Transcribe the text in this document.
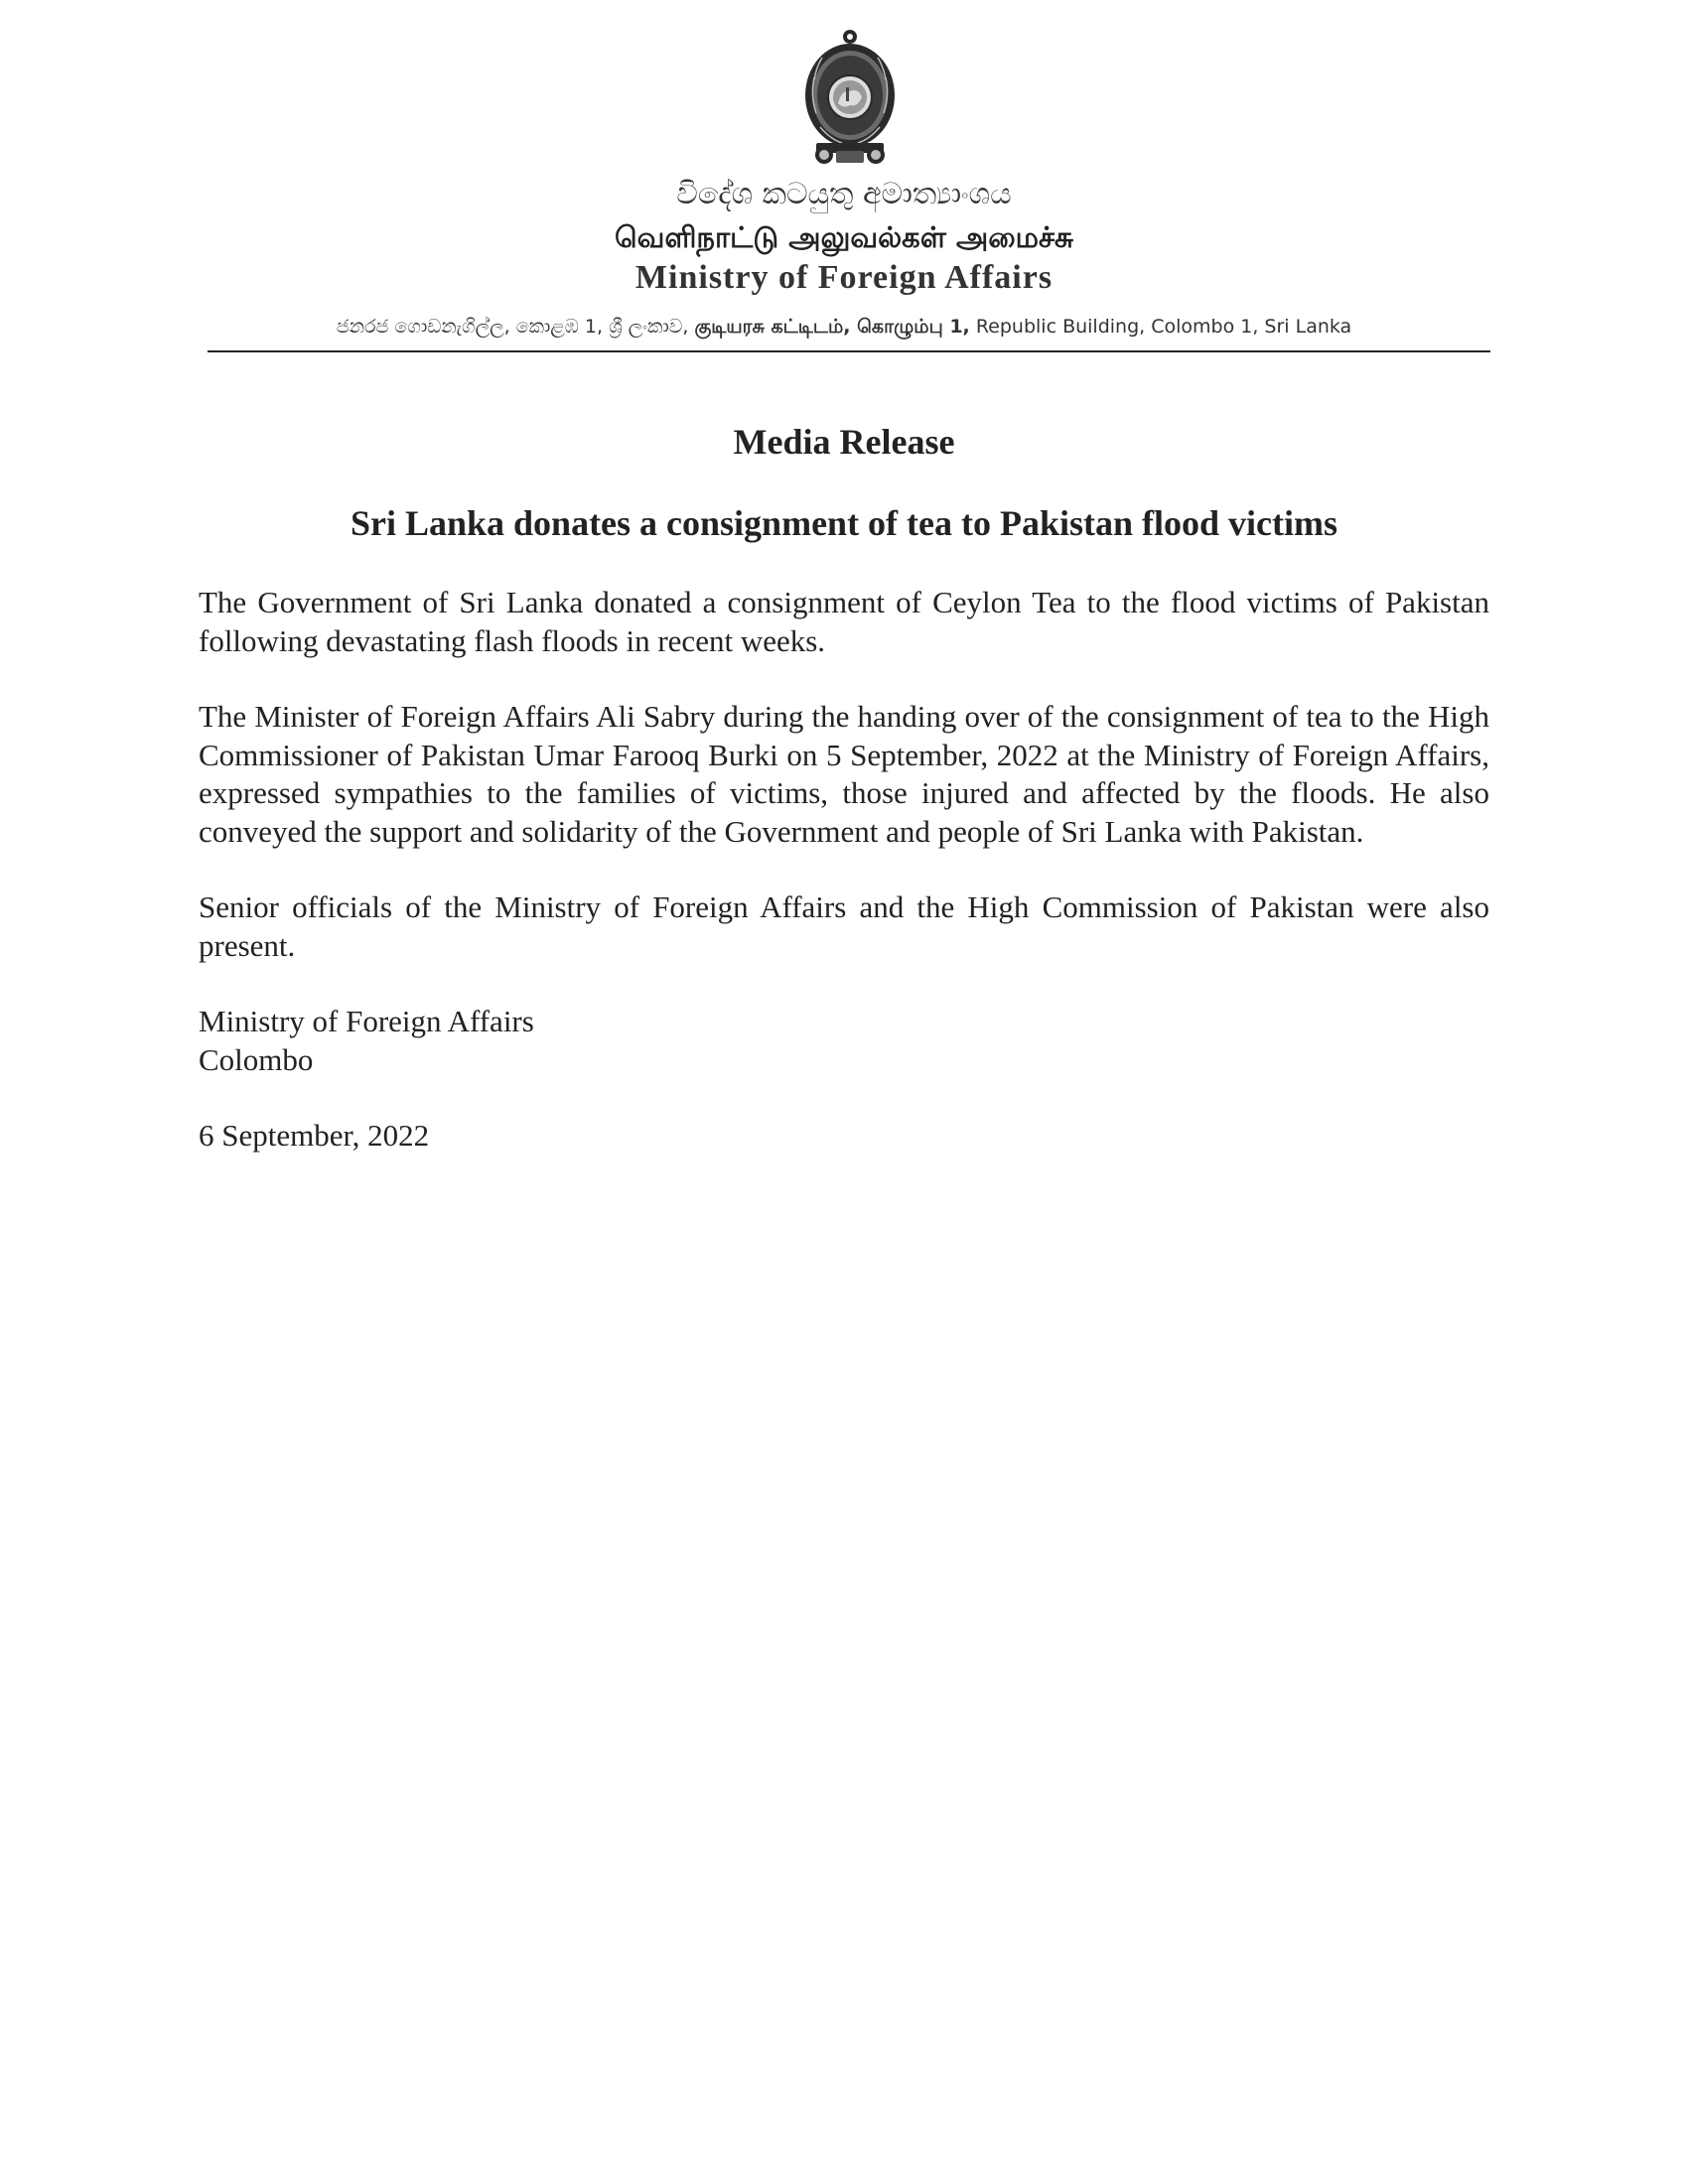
විදේශ කටයුතු අමාත්‍යාංශය
வெளிநாட்டு அலுவல்கள் அமைச்சு
Ministry of Foreign Affairs
ජනරජ ගොඩනැගිල්ල, කොළඹ 1, ශ්‍රී ලංකාව, குடியரசு கட்டிடம், கொழும்பு 1, Republic Building, Colombo 1, Sri Lanka
Media Release
Sri Lanka donates a consignment of tea to Pakistan flood victims

The Government of Sri Lanka donated a consignment of Ceylon Tea to the flood victims of Pakistan following devastating flash floods in recent weeks.

The Minister of Foreign Affairs Ali Sabry during the handing over of the consignment of tea to the High Commissioner of Pakistan Umar Farooq Burki on 5 September, 2022 at the Ministry of Foreign Affairs, expressed sympathies to the families of victims, those injured and affected by the floods. He also conveyed the support and solidarity of the Government and people of Sri Lanka with Pakistan.

Senior officials of the Ministry of Foreign Affairs and the High Commission of Pakistan were also present.

Ministry of Foreign Affairs
Colombo
6 September, 2022
